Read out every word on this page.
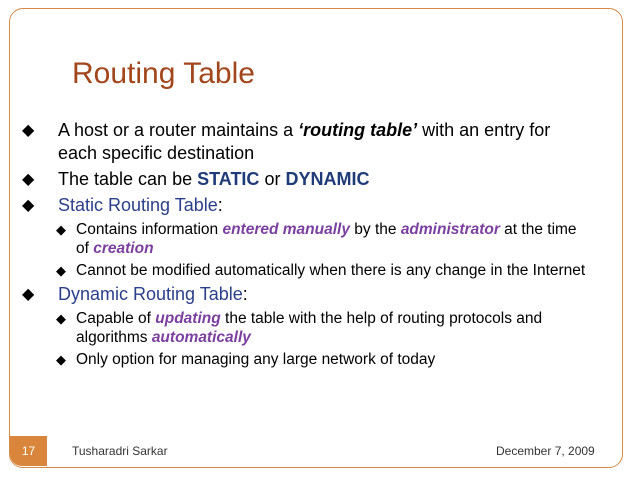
Routing Table
◆ A host or a router maintains a ‘routing table’ with an entry for each specific destination
◆ The table can be STATIC or DYNAMIC
◆ Static Routing Table:
◆ Contains information entered manually by the administrator at the time of creation
◆ Cannot be modified automatically when there is any change in the Internet
◆ Dynamic Routing Table:
◆ Capable of updating the table with the help of routing protocols and algorithms automatically
◆ Only option for managing any large network of today
17	Tusharadri Sarkar	December 7, 2009
